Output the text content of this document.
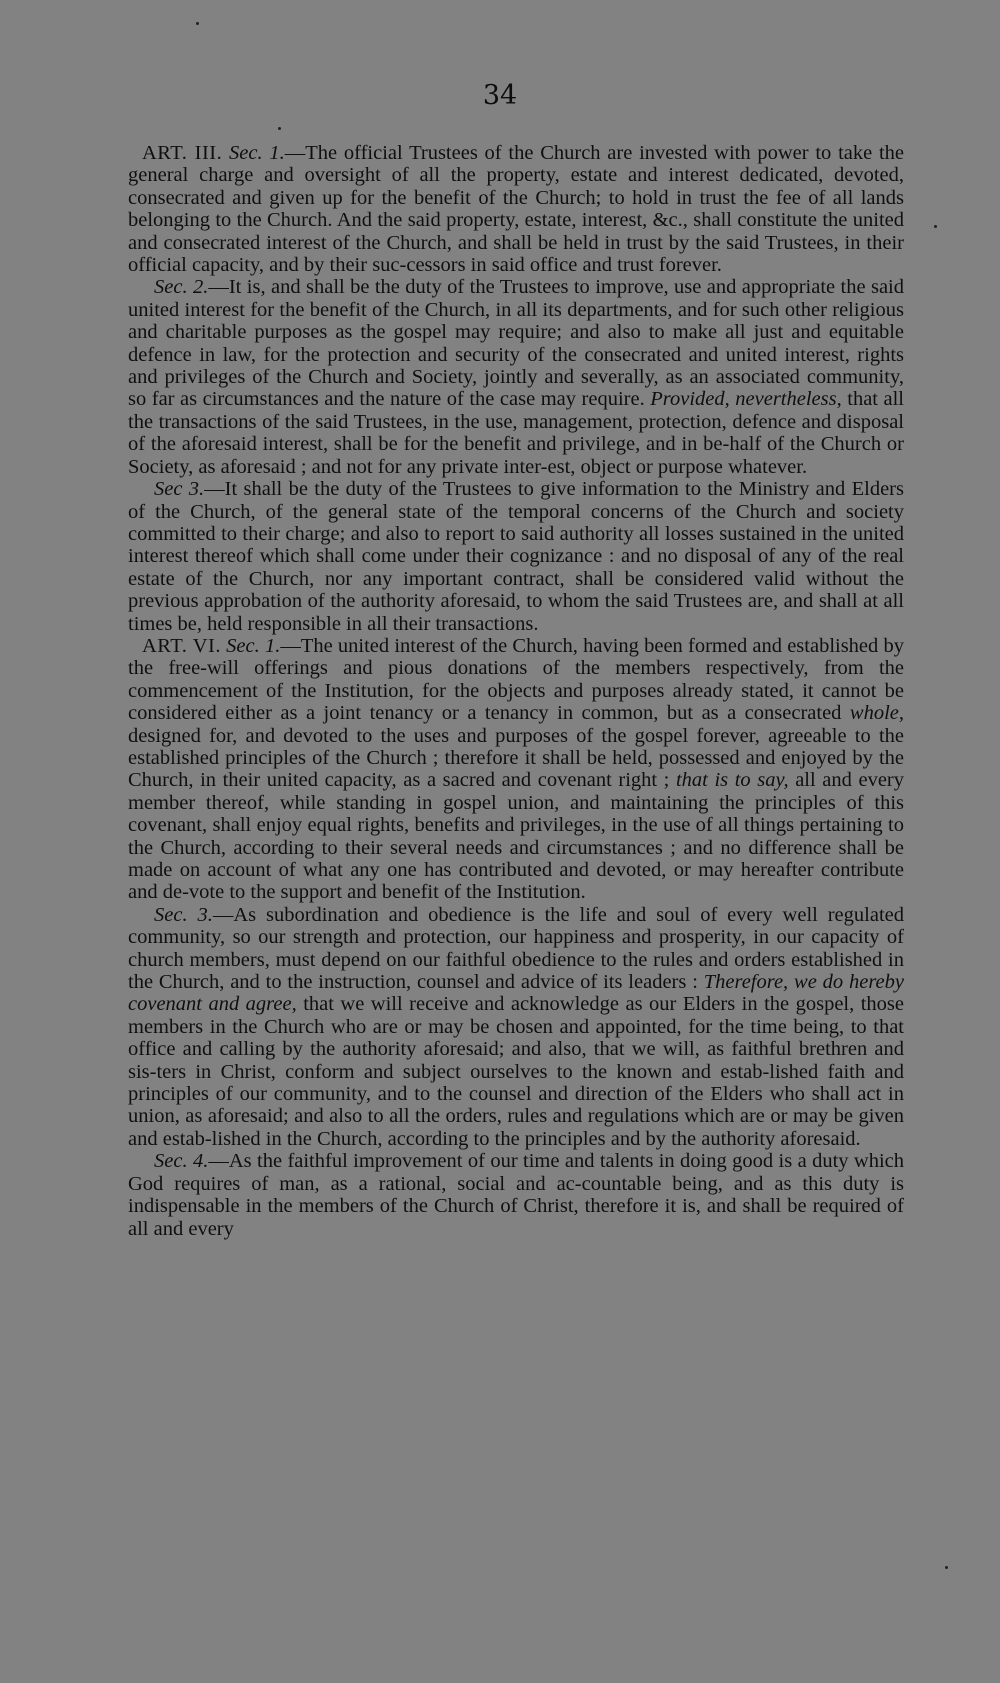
34

ART. III. Sec. 1.—The official Trustees of the Church are invested with power to take the general charge and oversight of all the property, estate and interest dedicated, devoted, consecrated and given up for the benefit of the Church; to hold in trust the fee of all lands belonging to the Church. And the said property, estate, interest, &c., shall constitute the united and consecrated interest of the Church, and shall be held in trust by the said Trustees, in their official capacity, and by their suc-cessors in said office and trust forever.

Sec. 2.—It is, and shall be the duty of the Trustees to improve, use and appropriate the said united interest for the benefit of the Church, in all its departments, and for such other religious and charitable purposes as the gospel may require; and also to make all just and equitable defence in law, for the protection and security of the consecrated and united interest, rights and privileges of the Church and Society, jointly and severally, as an associated community, so far as circumstances and the nature of the case may require. Provided, nevertheless, that all the transactions of the said Trustees, in the use, management, protection, defence and disposal of the aforesaid interest, shall be for the benefit and privilege, and in be-half of the Church or Society, as aforesaid ; and not for any private inter-est, object or purpose whatever.

Sec 3.—It shall be the duty of the Trustees to give information to the Ministry and Elders of the Church, of the general state of the temporal concerns of the Church and society committed to their charge; and also to report to said authority all losses sustained in the united interest thereof which shall come under their cognizance : and no disposal of any of the real estate of the Church, nor any important contract, shall be considered valid without the previous approbation of the authority aforesaid, to whom the said Trustees are, and shall at all times be, held responsible in all their transactions.

ART. VI. Sec. 1.—The united interest of the Church, having been formed and established by the free-will offerings and pious donations of the members respectively, from the commencement of the Institution, for the objects and purposes already stated, it cannot be considered either as a joint tenancy or a tenancy in common, but as a consecrated whole, designed for, and devoted to the uses and purposes of the gospel forever, agreeable to the established principles of the Church ; therefore it shall be held, possessed and enjoyed by the Church, in their united capacity, as a sacred and covenant right ; that is to say, all and every member thereof, while standing in gospel union, and maintaining the principles of this covenant, shall enjoy equal rights, benefits and privileges, in the use of all things pertaining to the Church, according to their several needs and circumstances ; and no difference shall be made on account of what any one has contributed and devoted, or may hereafter contribute and de-vote to the support and benefit of the Institution.

Sec. 3.—As subordination and obedience is the life and soul of every well regulated community, so our strength and protection, our happiness and prosperity, in our capacity of church members, must depend on our faithful obedience to the rules and orders established in the Church, and to the instruction, counsel and advice of its leaders : Therefore, we do hereby covenant and agree, that we will receive and acknowledge as our Elders in the gospel, those members in the Church who are or may be chosen and appointed, for the time being, to that office and calling by the authority aforesaid; and also, that we will, as faithful brethren and sis-ters in Christ, conform and subject ourselves to the known and estab-lished faith and principles of our community, and to the counsel and direction of the Elders who shall act in union, as aforesaid; and also to all the orders, rules and regulations which are or may be given and estab-lished in the Church, according to the principles and by the authority aforesaid.

Sec. 4.—As the faithful improvement of our time and talents in doing good is a duty which God requires of man, as a rational, social and ac-countable being, and as this duty is indispensable in the members of the Church of Christ, therefore it is, and shall be required of all and every
